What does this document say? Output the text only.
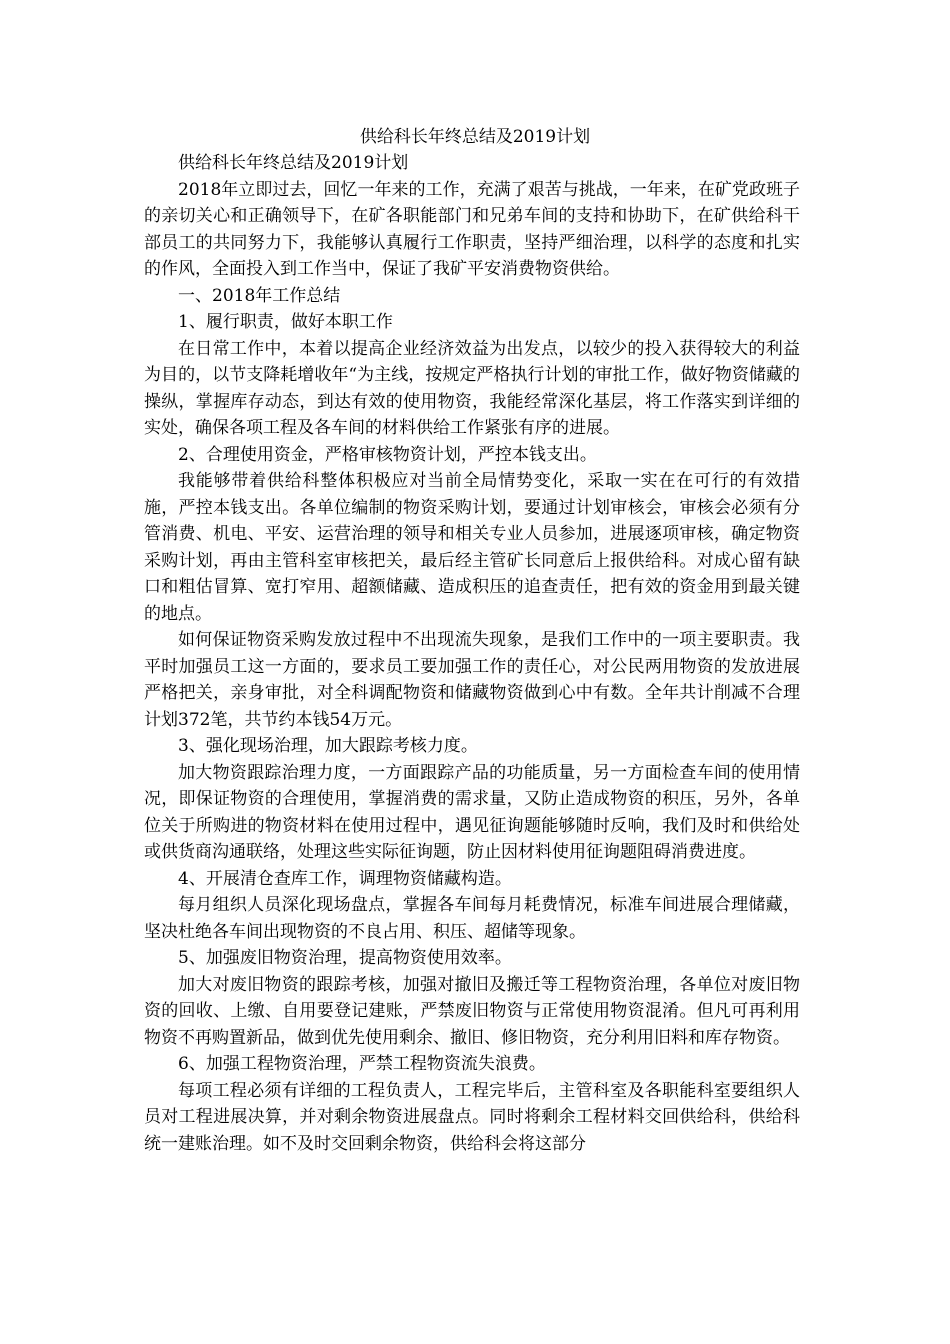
供给科长年终总结及2019计划

供给科长年终总结及2019计划

2018年立即过去，回忆一年来的工作，充满了艰苦与挑战，一年来，在矿党政班子的亲切关心和正确领导下，在矿各职能部门和兄弟车间的支持和协助下，在矿供给科干部员工的共同努力下，我能够认真履行工作职责，坚持严细治理，以科学的态度和扎实的作风，全面投入到工作当中，保证了我矿平安消费物资供给。

一、2018年工作总结

1、履行职责，做好本职工作

在日常工作中，本着以提高企业经济效益为出发点，以较少的投入获得较大的利益为目的，以节支降耗增收年“为主线，按规定严格执行计划的审批工作，做好物资储藏的操纵，掌握库存动态，到达有效的使用物资，我能经常深化基层，将工作落实到详细的实处，确保各项工程及各车间的材料供给工作紧张有序的进展。

2、合理使用资金，严格审核物资计划，严控本钱支出。

我能够带着供给科整体积极应对当前全局情势变化，采取一实在在可行的有效措施，严控本钱支出。各单位编制的物资采购计划，要通过计划审核会，审核会必须有分管消费、机电、平安、运营治理的领导和相关专业人员参加，进展逐项审核，确定物资采购计划，再由主管科室审核把关，最后经主管矿长同意后上报供给科。对成心留有缺口和粗估冒算、宽打窄用、超额储藏、造成积压的追查责任，把有效的资金用到最关键的地点。

如何保证物资采购发放过程中不出现流失现象，是我们工作中的一项主要职责。我平时加强员工这一方面的，要求员工要加强工作的责任心，对公民两用物资的发放进展严格把关，亲身审批，对全科调配物资和储藏物资做到心中有数。全年共计削减不合理计划372笔，共节约本钱54万元。

3、强化现场治理，加大跟踪考核力度。

加大物资跟踪治理力度，一方面跟踪产品的功能质量，另一方面检查车间的使用情况，即保证物资的合理使用，掌握消费的需求量，又防止造成物资的积压，另外，各单位关于所购进的物资材料在使用过程中，遇见征询题能够随时反响，我们及时和供给处或供货商沟通联络，处理这些实际征询题，防止因材料使用征询题阻碍消费进度。

4、开展清仓查库工作，调理物资储藏构造。

每月组织人员深化现场盘点，掌握各车间每月耗费情况，标准车间进展合理储藏，坚决杜绝各车间出现物资的不良占用、积压、超储等现象。

5、加强废旧物资治理，提高物资使用效率。

加大对废旧物资的跟踪考核，加强对撤旧及搬迁等工程物资治理，各单位对废旧物资的回收、上缴、自用要登记建账，严禁废旧物资与正常使用物资混淆。但凡可再利用物资不再购置新品，做到优先使用剩余、撤旧、修旧物资，充分利用旧料和库存物资。

6、加强工程物资治理，严禁工程物资流失浪费。

每项工程必须有详细的工程负责人，工程完毕后，主管科室及各职能科室要组织人员对工程进展决算，并对剩余物资进展盘点。同时将剩余工程材料交回供给科，供给科统一建账治理。如不及时交回剩余物资，供给科会将这部分
